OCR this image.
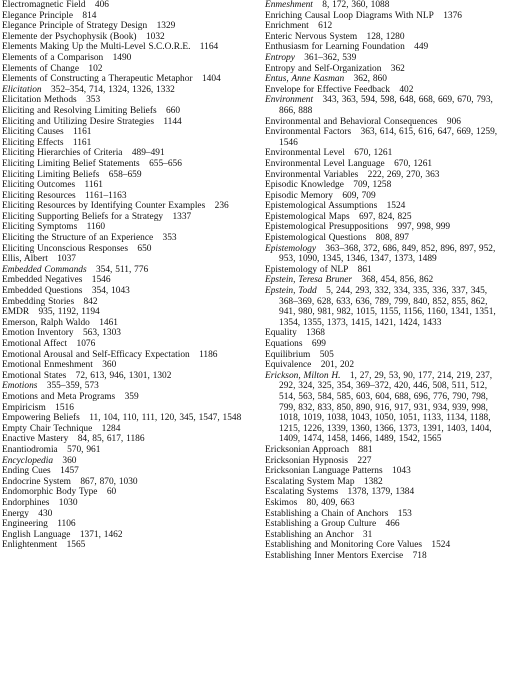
Electromagnetic Field   406
Elegance Principle   814
Elegance Principle of Strategy Design   1329
Elemente der Psychophysik (Book)   1032
Elements Making Up the Multi-Level S.C.O.R.E.   1164
Elements of a Comparison   1490
Elements of Change   102
Elements of Constructing a Therapeutic Metaphor   1404
Elicitation   352–354, 714, 1324, 1326, 1332
Elicitation Methods   353
Eliciting and Resolving Limiting Beliefs   660
Eliciting and Utilizing Desire Strategies   1144
Eliciting Causes   1161
Eliciting Effects   1161
Eliciting Hierarchies of Criteria   489–491
Eliciting Limiting Belief Statements   655–656
Eliciting Limiting Beliefs   658–659
Eliciting Outcomes   1161
Eliciting Resources   1161–1163
Eliciting Resources by Identifying Counter Examples   236
Eliciting Supporting Beliefs for a Strategy   1337
Eliciting Symptoms   1160
Eliciting the Structure of an Experience   353
Eliciting Unconscious Responses   650
Ellis, Albert   1037
Embedded Commands   354, 511, 776
Embedded Negatives   1546
Embedded Questions   354, 1043
Embedding Stories   842
EMDR   935, 1192, 1194
Emerson, Ralph Waldo   1461
Emotion Inventory   563, 1303
Emotional Affect   1076
Emotional Arousal and Self-Efficacy Expectation   1186
Emotional Enmeshment   360
Emotional States   72, 613, 946, 1301, 1302
Emotions   355–359, 573
Emotions and Meta Programs   359
Empiricism   1516
Empowering Beliefs   11, 104, 110, 111, 120, 345, 1547, 1548
Empty Chair Technique   1284
Enactive Mastery   84, 85, 617, 1186
Enantiodromia   570, 961
Encyclopedia   360
Ending Cues   1457
Endocrine System   867, 870, 1030
Endomorphic Body Type   60
Endorphines   1030
Energy   430
Engineering   1106
English Language   1371, 1462
Enlightenment   1565
Enmeshment   8, 172, 360, 1088
Enriching Causal Loop Diagrams With NLP   1376
Enrichment   612
Enteric Nervous System   128, 1280
Enthusiasm for Learning Foundation   449
Entropy   361–362, 539
Entropy and Self-Organization   362
Entus, Anne Kasman   362, 860
Envelope for Effective Feedback   402
Environment   343, 363, 594, 598, 648, 668, 669, 670, 793, 866, 888
Environmental and Behavioral Consequences   906
Environmental Factors   363, 614, 615, 616, 647, 669, 1259, 1546
Environmental Level   670, 1261
Environmental Level Language   670, 1261
Environmental Variables   222, 269, 270, 363
Episodic Knowledge   709, 1258
Episodic Memory   609, 709
Epistemological Assumptions   1524
Epistemological Maps   697, 824, 825
Epistemological Presuppositions   997, 998, 999
Epistemological Questions   808, 897
Epistemology   363–368, 372, 686, 849, 852, 896, 897, 952, 953, 1090, 1345, 1346, 1347, 1373, 1489
Epistemology of NLP   861
Epstein, Teresa Bruner   368, 454, 856, 862
Epstein, Todd   5, 244, 293, 332, 334, 335, 336, 337, 345, 368–369, 628, 633, 636, 789, 799, 840, 852, 855, 862, 941, 980, 981, 982, 1015, 1155, 1156, 1160, 1341, 1351, 1354, 1355, 1373, 1415, 1421, 1424, 1433
Equality   1368
Equations   699
Equilibrium   505
Equivalence   201, 202
Erickson, Milton H.   1, 27, 29, 53, 90, 177, 214, 219, 237, 292, 324, 325, 354, 369–372, 420, 446, 508, 511, 512, 514, 563, 584, 585, 603, 604, 688, 696, 776, 790, 798, 799, 832, 833, 850, 890, 916, 917, 931, 934, 939, 998, 1018, 1019, 1038, 1043, 1050, 1051, 1133, 1134, 1188, 1215, 1226, 1339, 1360, 1366, 1373, 1391, 1403, 1404, 1409, 1474, 1458, 1466, 1489, 1542, 1565
Ericksonian Approach   881
Ericksonian Hypnosis   227
Ericksonian Language Patterns   1043
Escalating System Map   1382
Escalating Systems   1378, 1379, 1384
Eskimos   80, 409, 663
Establishing a Chain of Anchors   153
Establishing a Group Culture   466
Establishing an Anchor   31
Establishing and Monitoring Core Values   1524
Establishing Inner Mentors Exercise   718
